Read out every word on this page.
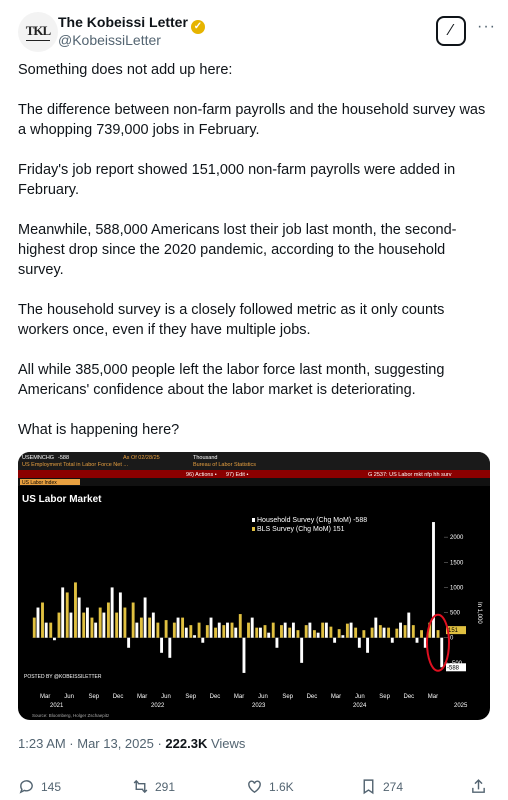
TKL
The Kobeissi Letter ✓
@KobeissiLetter
⁄	···

Something does not add up here:

The difference between non-farm payrolls and the household survey was a whopping 739,000 jobs in February.

Friday's job report showed 151,000 non-farm payrolls were added in February.

Meanwhile, 588,000 Americans lost their job last month, the second-highest drop since the 2020 pandemic, according to the household survey.

The household survey is a closely followed metric as it only counts workers once, even if they have multiple jobs.

All while 385,000 people left the labor force last month, suggesting Americans' confidence about the labor market is deteriorating.

What is happening here?

USEMNCHG -588	As Of 02/28/25	Thousand
US Employment Total in Labor Force Net ...	Bureau of Labor Statistics
96) Actions • 97) Edit •	G 2537: US Labor mkt nfp hh surv
US Labor Index
US Labor Market
Household Survey (Chg MoM) -588
BLS Survey (Chg MoM) 151
POSTED BY @KOBEISSILETTER
Source: Bloomberg, Holger Zschaepitz
In 1,000
0
500
1000
1500
2000
151
-588
Mar Jun Sep Dec Mar Jun Sep Dec Mar Jun Sep Dec Mar Jun Sep Dec Mar
2021	2022	2023	2024	2025
1:23 AM · Mar 13, 2025 · 222.3K Views
145	291	1.6K	274
